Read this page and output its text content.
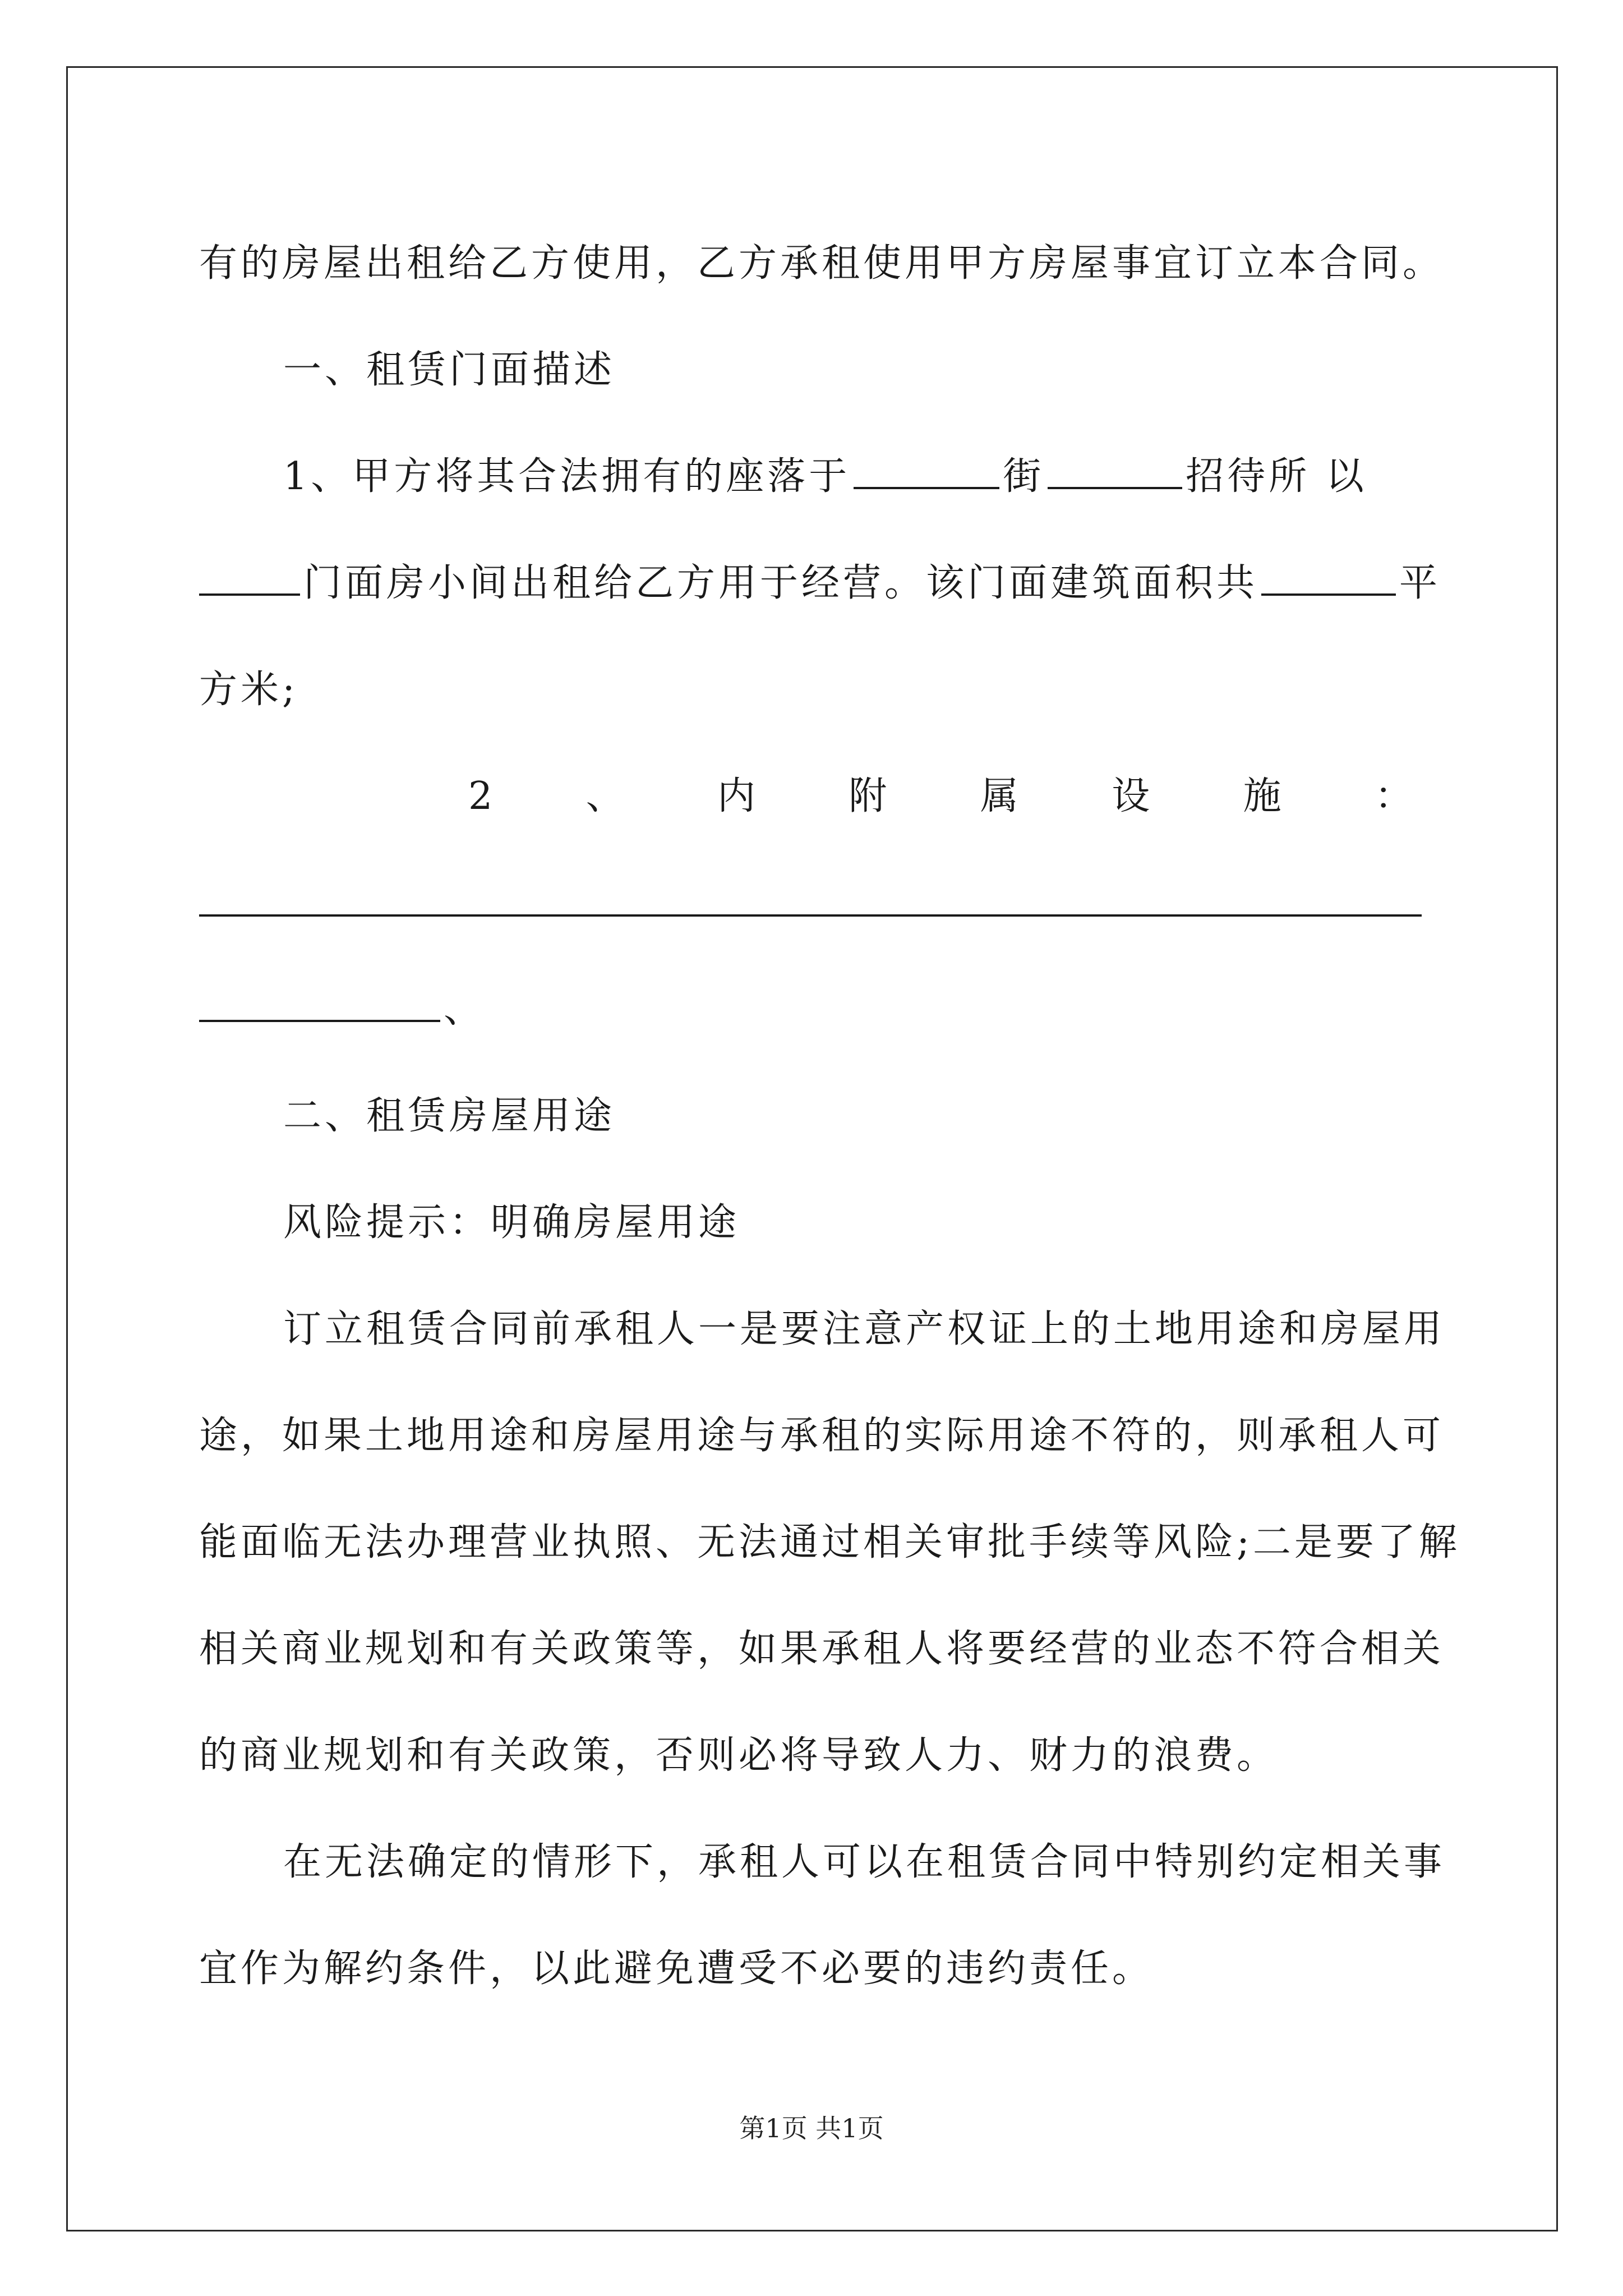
有的房屋出租给乙方使用，乙方承租使用甲方房屋事宜订立本合同。
一、租赁门面描述
1、甲方将其合法拥有的座落于	街	招待所 以
门面房小间出租给乙方用于经营。该门面建筑面积共	平
方米;
2 、 内 附 属 设 施 ：
、
二、租赁房屋用途
风险提示：明确房屋用途
订立租赁合同前承租人一是要注意产权证上的土地用途和房屋用
途，如果土地用途和房屋用途与承租的实际用途不符的，则承租人可
能面临无法办理营业执照、无法通过相关审批手续等风险;二是要了解
相关商业规划和有关政策等，如果承租人将要经营的业态不符合相关
的商业规划和有关政策，否则必将导致人力、财力的浪费。
在无法确定的情形下，承租人可以在租赁合同中特别约定相关事
宜作为解约条件，以此避免遭受不必要的违约责任。
第1页 共1页
